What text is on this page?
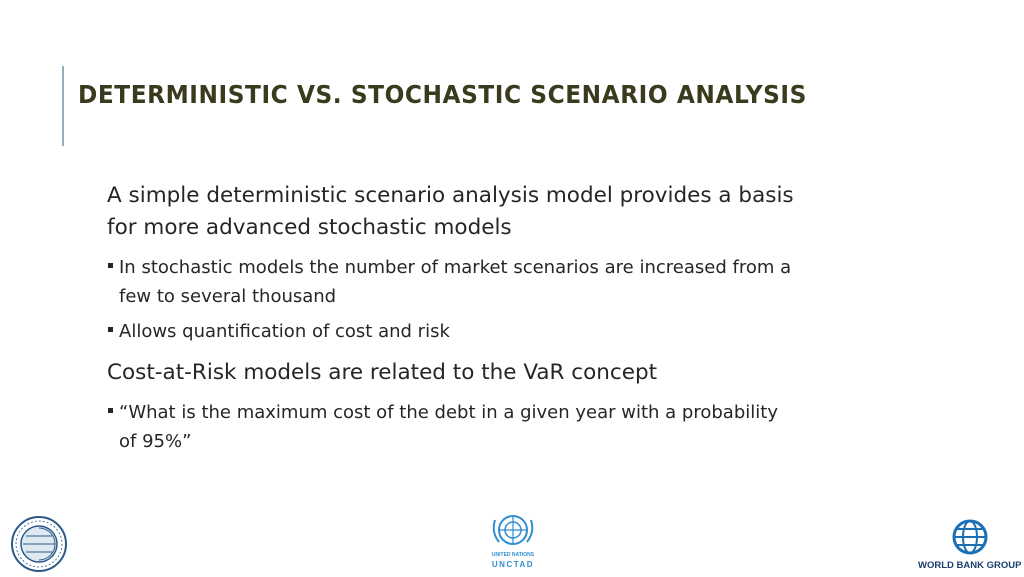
DETERMINISTIC VS. STOCHASTIC SCENARIO ANALYSIS
A simple deterministic scenario analysis model provides a basis
for more advanced stochastic models
In stochastic models the number of market scenarios are increased from a
few to several thousand
Allows quantification of cost and risk
Cost-at-Risk models are related to the VaR concept
“What is the maximum cost of the debt in a given year with a probability
of 95%”
UNITED NATIONS
UNCTAD	WORLD BANK GROUP
